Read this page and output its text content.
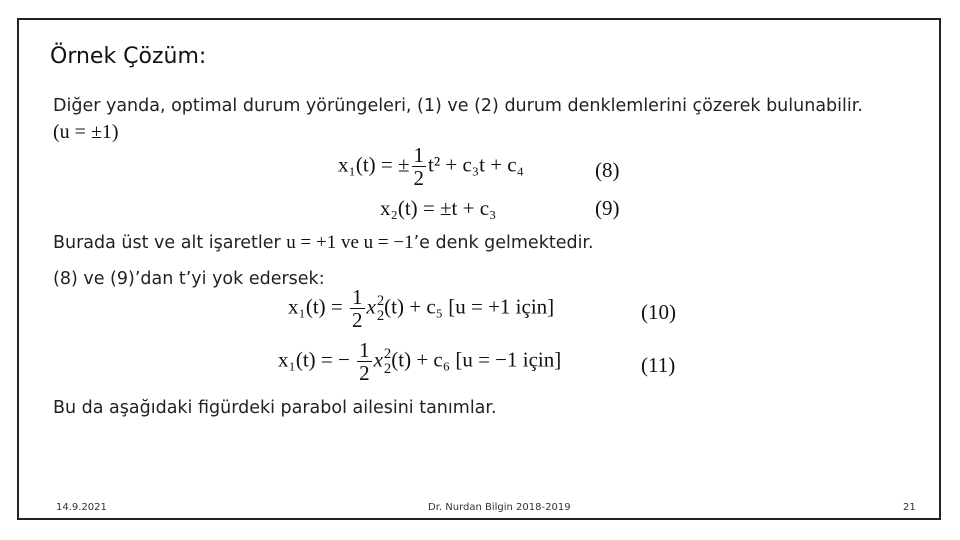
Örnek Çözüm:
Diğer yanda, optimal durum yörüngeleri, (1) ve (2) durum denklemlerini çözerek bulunabilir.
(u = ±1)
x₁(t) = ± $\frac{1}{2} t^2 + c_3t + c_4$	(8)
x₂(t) = ±t + c₃	(9)
Burada üst ve alt işaretler u = +1 ve u = −1’e denk gelmektedir.
(8) ve (9)’dan t’yi yok edersek:
$x_1(t) = \frac{1}{2}$ x 2
2 (t) + c₅ [u = +1 için]	(10)
x₁(t) = − $\frac{1}{2}$ x 2
2 (t) + c₆ [u = −1 için]	(11)
Bu da aşağıdaki figürdeki parabol ailesini tanımlar.
14.9.2021	Dr. Nurdan Bilgin 2018-2019	21
